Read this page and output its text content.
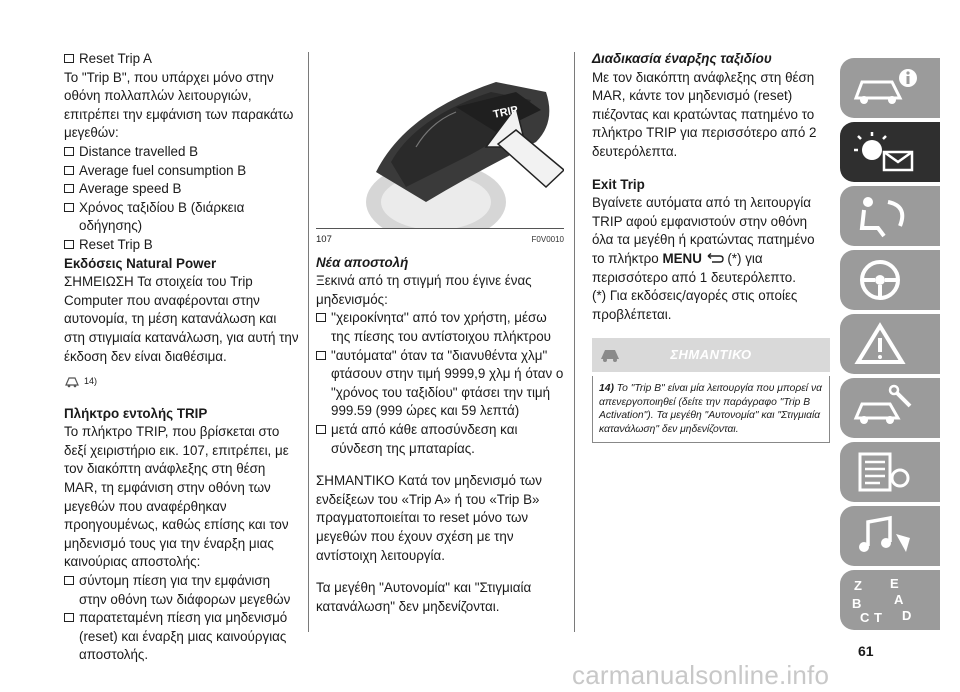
Reset Trip A

Το "Trip B", που υπάρχει μόνο στην οθόνη πολλαπλών λειτουργιών, επιτρέπει την εμφάνιση των παρακάτω μεγεθών:

Distance travelled B
Average fuel consumption B
Average speed B
Χρόνος ταξιδίου B (διάρκεια οδήγησης)
Reset Trip B

Εκδόσεις Natural Power

ΣΗΜΕΙΩΣΗ Τα στοιχεία του Trip Computer που αναφέρονται στην αυτονομία, τη μέση κατανάλωση και στη στιγμιαία κατανάλωση, για αυτή την έκδοση δεν είναι διαθέσιμα.

14)

Πλήκτρο εντολής TRIP

Το πλήκτρο TRIP, που βρίσκεται στο δεξί χειριστήριο εικ. 107, επιτρέπει, με τον διακόπτη ανάφλεξης στη θέση MAR, τη εμφάνιση στην οθόνη των μεγεθών που αναφέρθηκαν προηγουμένως, καθώς επίσης και τον μηδενισμό τους για την έναρξη μιας καινούριας αποστολής:

σύντομη πίεση για την εμφάνιση στην οθόνη των διάφορων μεγεθών
παρατεταμένη πίεση για μηδενισμό (reset) και έναρξη μιας καινούργιας αποστολής.
TRIP
107	F0V0010

Νέα αποστολή

Ξεκινά από τη στιγμή που έγινε ένας μηδενισμός:

''χειροκίνητα'' από τον χρήστη, μέσω της πίεσης του αντίστοιχου πλήκτρου
"αυτόματα" όταν τα "διανυθέντα χλμ" φτάσουν στην τιμή 9999,9 χλμ ή όταν ο "χρόνος του ταξιδίου" φτάσει την τιμή 999.59 (999 ώρες και 59 λεπτά)
μετά από κάθε αποσύνδεση και σύνδεση της μπαταρίας.

ΣΗΜΑΝΤΙΚΟ Κατά τον μηδενισμό των ενδείξεων του «Trip A» ή του «Trip B» πραγματοποιείται το reset μόνο των μεγεθών που έχουν σχέση με την αντίστοιχη λειτουργία.

Τα μεγέθη "Αυτονομία" και "Στιγμιαία κατανάλωση" δεν μηδενίζονται.

Διαδικασία έναρξης ταξιδίου

Με τον διακόπτη ανάφλεξης στη θέση MAR, κάντε τον μηδενισμό (reset) πιέζοντας και κρατώντας πατημένο το πλήκτρο TRIP για περισσότερο από 2 δευτερόλεπτα.

Exit Trip

Βγαίνετε αυτόματα από τη λειτουργία TRIP αφού εμφανιστούν στην οθόνη όλα τα μεγέθη ή κρατώντας πατημένο το πλήκτρο MENU (*) για περισσότερο από 1 δευτερόλεπτο.

(*) Για εκδόσεις/αγορές στις οποίες προβλέπεται.

ΣΗΜΑΝΤΙΚΟ
14) Το "Trip B" είναι μία λειτουργία που μπορεί να απενεργοποιηθεί (δείτε την παράγραφο "Trip B Activation"). Τα μεγέθη "Αυτονομία" και "Στιγμιαία κατανάλωση" δεν μηδενίζονται.
Z E
A
B
C T D
61
carmanualsonline.info
